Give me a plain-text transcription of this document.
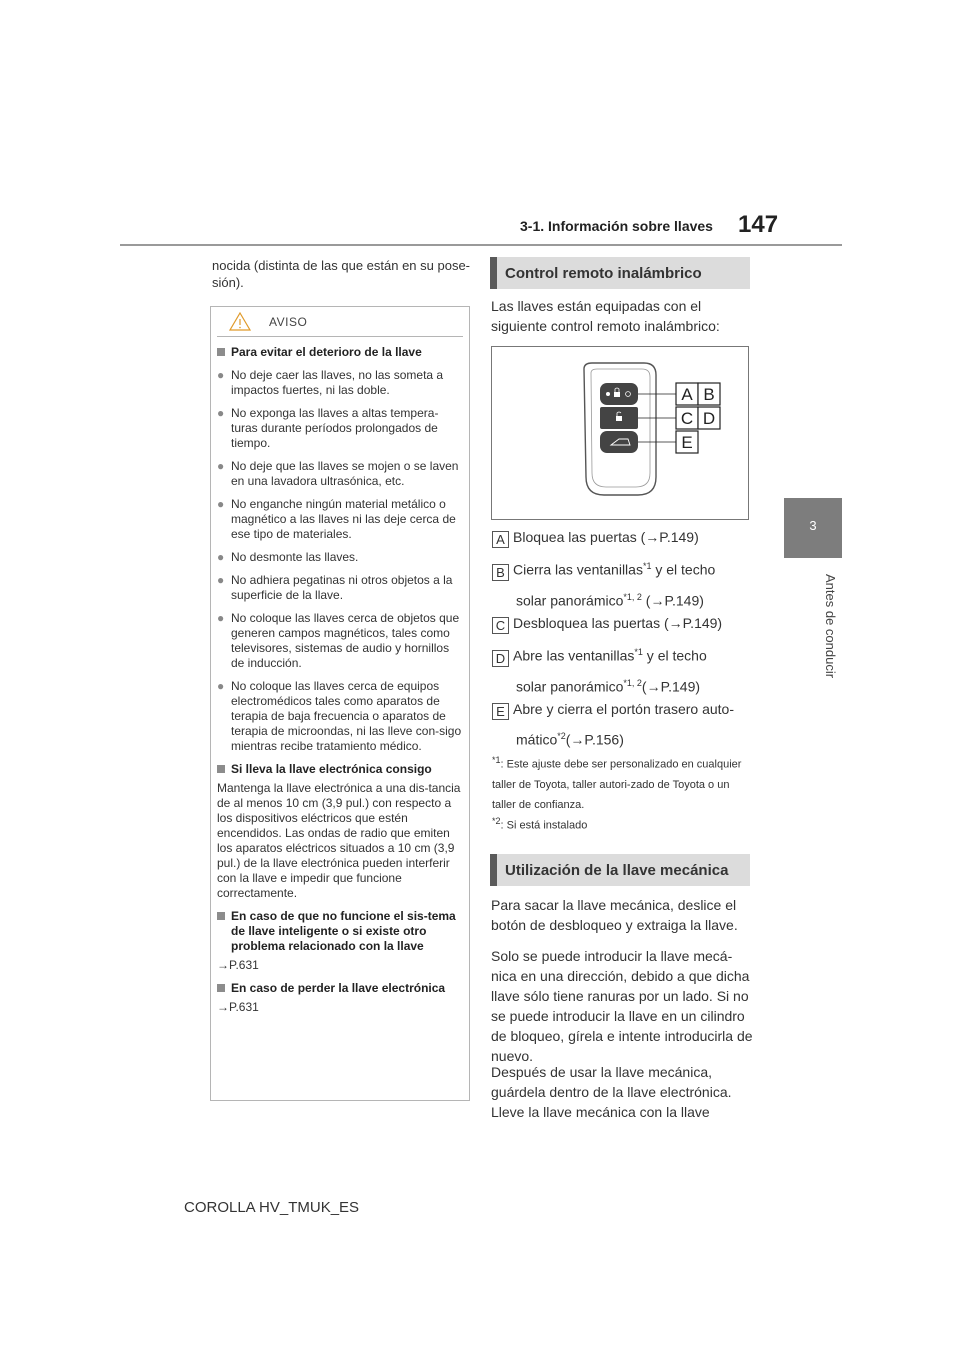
3-1. Información sobre llaves 147
3
Antes de conducir
nocida (distinta de las que están en su pose-sión).
AVISO
Para evitar el deterioro de la llave
● No deje caer las llaves, no las someta a impactos fuertes, ni las doble.
● No exponga las llaves a altas tempera-turas durante períodos prolongados de tiempo.
● No deje que las llaves se mojen o se laven en una lavadora ultrasónica, etc.
● No enganche ningún material metálico o magnético a las llaves ni las deje cerca de ese tipo de materiales.
● No desmonte las llaves.
● No adhiera pegatinas ni otros objetos a la superficie de la llave.
● No coloque las llaves cerca de objetos que generen campos magnéticos, tales como televisores, sistemas de audio y hornillos de inducción.
● No coloque las llaves cerca de equipos electromédicos tales como aparatos de terapia de baja frecuencia o aparatos de terapia de microondas, ni las lleve con-sigo mientras recibe tratamiento médico.
Si lleva la llave electrónica consigo
Mantenga la llave electrónica a una dis-tancia de al menos 10 cm (3,9 pul.) con respecto a los dispositivos eléctricos que estén encendidos. Las ondas de radio que emiten los aparatos eléctricos situados a 10 cm (3,9 pul.) de la llave electrónica pueden interferir con la llave e impedir que funcione correctamente.
En caso de que no funcione el sis-tema de llave inteligente o si existe otro problema relacionado con la llave
→P.631
En caso de perder la llave electrónica
→P.631
Control remoto inalámbrico
Las llaves están equipadas con el siguiente control remoto inalámbrico:
A B
C D
E
A Bloquea las puertas (→P.149)
B Cierra las ventanillas$^{*1}$ y el techo
solar panorámico$^{*1, 2}$ (→P.149)
C Desbloquea las puertas (→P.149)
D Abre las ventanillas$^{*1}$ y el techo
solar panorámico$^{*1, 2}$(→P.149)
E Abre y cierra el portón trasero auto-
mático$^{*2}$(→P.156)
$^{*1}$: Este ajuste debe ser personalizado en cualquier taller de Toyota, taller autori-zado de Toyota o un taller de confianza.
$^{*2}$: Si está instalado
Utilización de la llave mecánica
Para sacar la llave mecánica, deslice el botón de desbloqueo y extraiga la llave.
Solo se puede introducir la llave mecá-nica en una dirección, debido a que dicha llave sólo tiene ranuras por un lado. Si no se puede introducir la llave en un cilindro de bloqueo, gírela e intente introducirla de nuevo.
Después de usar la llave mecánica, guárdela dentro de la llave electrónica. Lleve la llave mecánica con la llave
COROLLA HV_TMUK_ES
